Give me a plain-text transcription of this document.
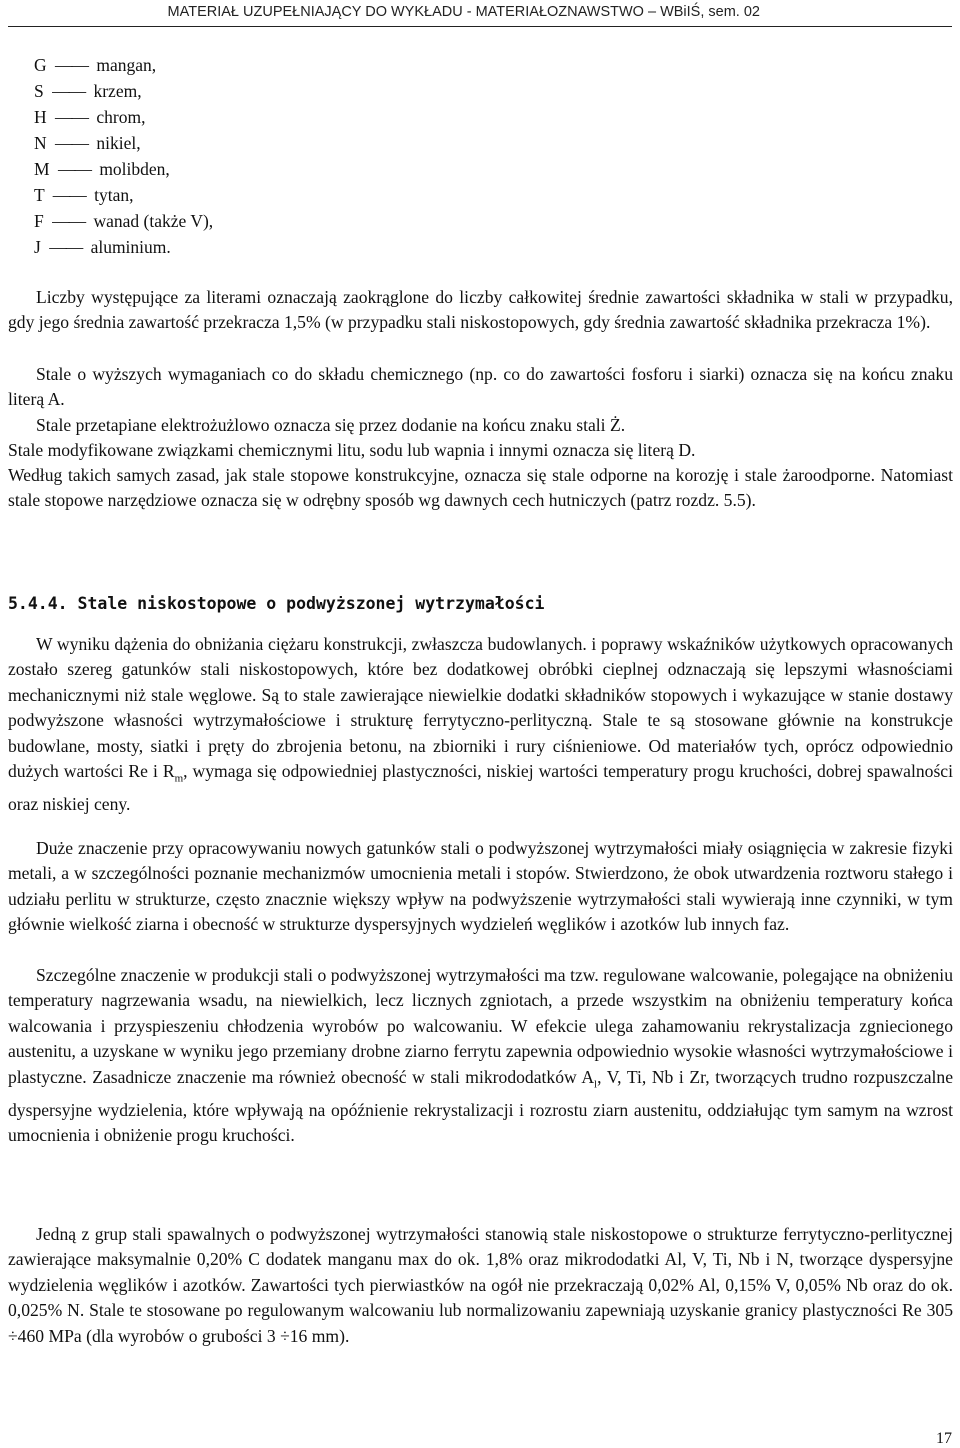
MATERIAŁ UZUPEŁNIAJĄCY DO WYKŁADU - MATERIAŁOZNAWSTWO – WBiIŚ, sem. 02
G —— mangan,
S —— krzem,
H —— chrom,
N —— nikiel,
M —— molibden,
T —— tytan,
F —— wanad (także V),
J —— aluminium.

Liczby występujące za literami oznaczają zaokrąglone do liczby całkowitej średnie zawartości składnika w stali w przypadku, gdy jego średnia zawartość przekracza 1,5% (w przypadku stali niskostopowych, gdy średnia zawartość składnika przekracza 1%).

Stale o wyższych wymaganiach co do składu chemicznego (np. co do zawartości fosforu i siarki) oznacza się na końcu znaku literą A.

Stale przetapiane elektrożużlowo oznacza się przez dodanie na końcu znaku stali Ż.

Stale modyfikowane związkami chemicznymi litu, sodu lub wapnia i innymi oznacza się literą D.

Według takich samych zasad, jak stale stopowe konstrukcyjne, oznacza się stale odporne na korozję i stale żaroodporne. Natomiast stale stopowe narzędziowe oznacza się w odrębny sposób wg dawnych cech hutniczych (patrz rozdz. 5.5).

5.4.4. Stale niskostopowe o podwyższonej wytrzymałości

W wyniku dążenia do obniżania ciężaru konstrukcji, zwłaszcza budowlanych. i poprawy wskaźników użytkowych opracowanych zostało szereg gatunków stali niskostopowych, które bez dodatkowej obróbki cieplnej odznaczają się lepszymi własnościami mechanicznymi niż stale węglowe. Są to stale zawierające niewielkie dodatki składników stopowych i wykazujące w stanie dostawy podwyższone własności wytrzymałościowe i strukturę ferrytyczno-perlityczną. Stale te są stosowane głównie na konstrukcje budowlane, mosty, siatki i pręty do zbrojenia betonu, na zbiorniki i rury ciśnieniowe. Od materiałów tych, oprócz odpowiednio dużych wartości Re i $R_m$, wymaga się odpowiedniej plastyczności, niskiej wartości temperatury progu kruchości, dobrej spawalności oraz niskiej ceny.

Duże znaczenie przy opracowywaniu nowych gatunków stali o podwyższonej wytrzymałości miały osiągnięcia w zakresie fizyki metali, a w szczególności poznanie mechanizmów umocnienia metali i stopów. Stwierdzono, że obok utwardzenia roztworu stałego i udziału perlitu w strukturze, często znacznie większy wpływ na podwyższenie wytrzymałości stali wywierają inne czynniki, w tym głównie wielkość ziarna i obecność w strukturze dyspersyjnych wydzieleń węglików i azotków lub innych faz.

Szczególne znaczenie w produkcji stali o podwyższonej wytrzymałości ma tzw. regulowane walcowanie, polegające na obniżeniu temperatury nagrzewania wsadu, na niewielkich, lecz licznych zgniotach, a przede wszystkim na obniżeniu temperatury końca walcowania i przyspieszeniu chłodzenia wyrobów po walcowaniu. W efekcie ulega zahamowaniu rekrystalizacja zgniecionego austenitu, a uzyskane w wyniku jego przemiany drobne ziarno ferrytu zapewnia odpowiednio wysokie własności wytrzymałościowe i plastyczne. Zasadnicze znaczenie ma również obecność w stali mikrododatków $A_l$, V, Ti, Nb i Zr, tworzących trudno rozpuszczalne dyspersyjne wydzielenia, które wpływają na opóźnienie rekrystalizacji i rozrostu ziarn austenitu, oddziałując tym samym na wzrost umocnienia i obniżenie progu kruchości.

Jedną z grup stali spawalnych o podwyższonej wytrzymałości stanowią stale niskostopowe o strukturze ferrytyczno-perlitycznej zawierające maksymalnie 0,20% C dodatek manganu max do ok. 1,8% oraz mikrododatki Al, V, Ti, Nb i N, tworzące dyspersyjne wydzielenia węglików i azotków. Zawartości tych pierwiastków na ogół nie przekraczają 0,02% Al, 0,15% V, 0,05% Nb oraz do ok. 0,025% N. Stale te stosowane po regulowanym walcowaniu lub normalizowaniu zapewniają uzyskanie granicy plastyczności Re 305 ÷460 MPa (dla wyrobów o grubości 3 ÷16 mm).

17
